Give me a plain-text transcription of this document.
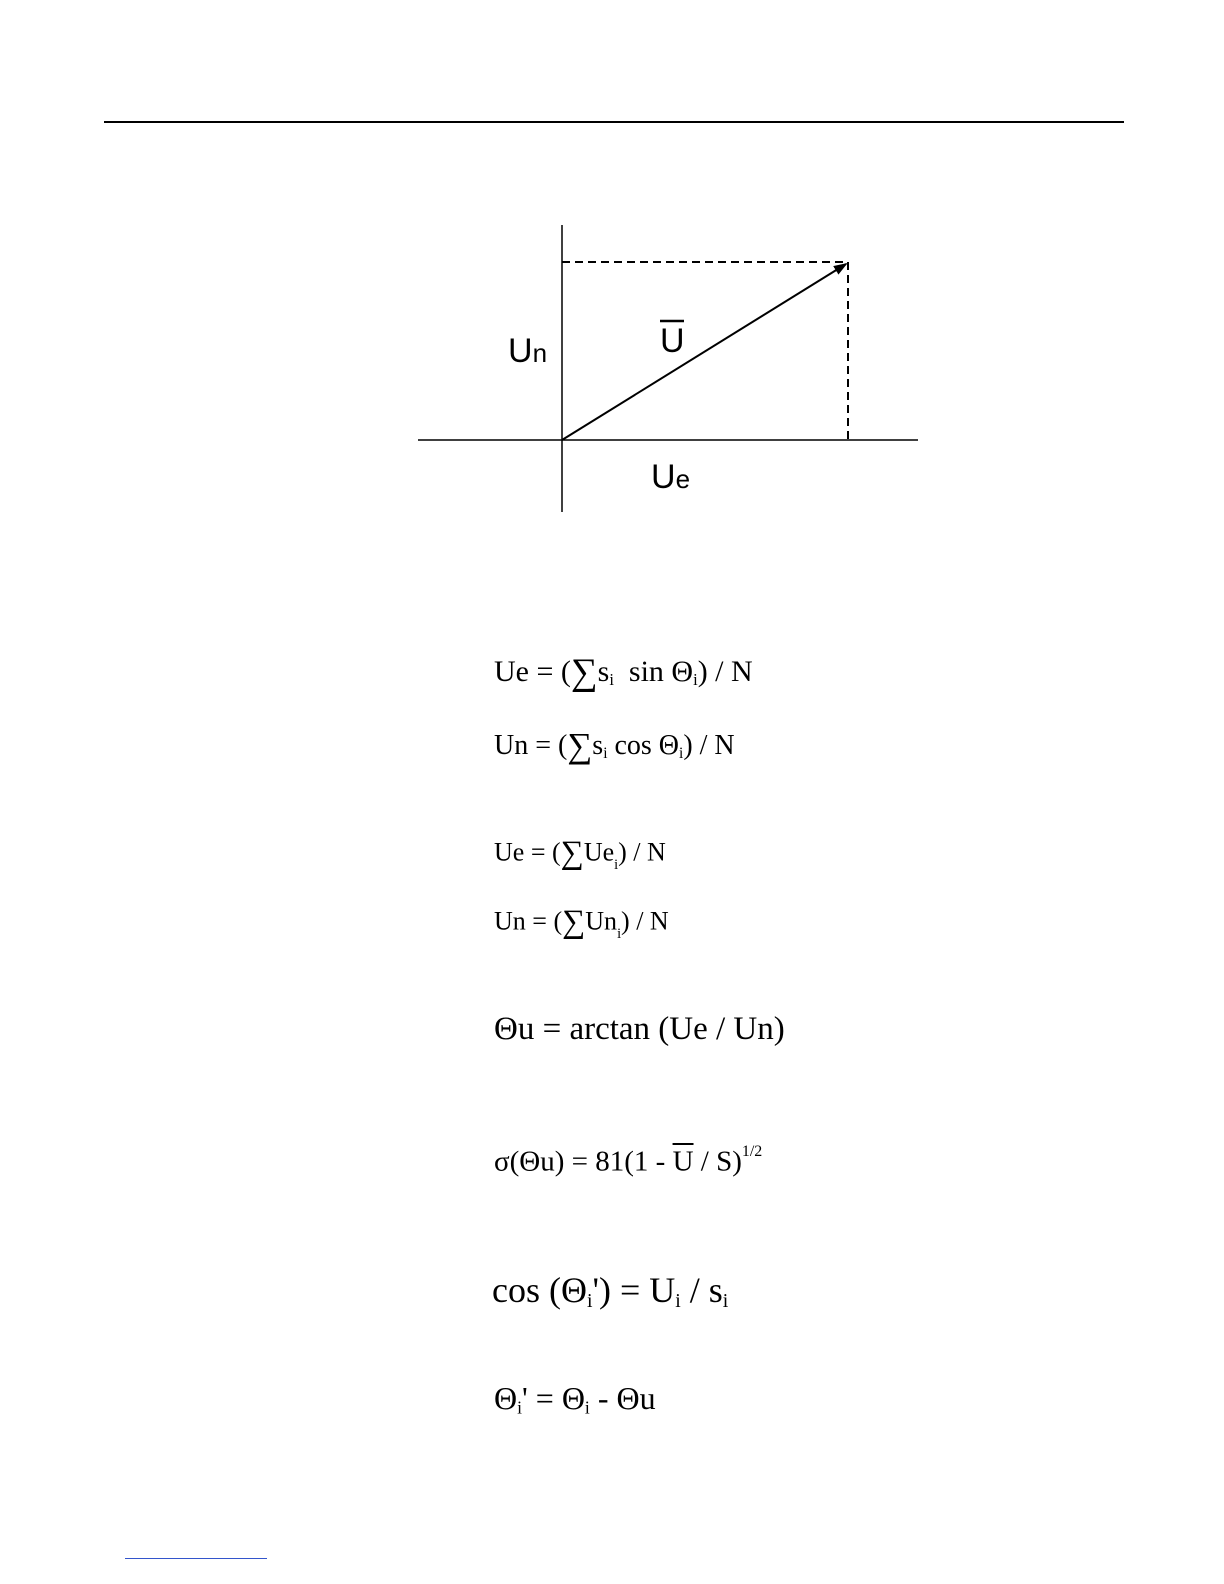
Un
Ue
U
$Ue = (\sum s_i$  $\sin \Theta_i$) / N
$Un = (\sum s_i$ $\cos \Theta_i$) / N
$Ue = (\sum Ue_i) / N$
$Un = (\sum Un_i) / N$
Θu = arctan (Ue / Un)
$\sigma(\Theta u) = 81(1 - \overline{U} / S)^{1/2}$
$\cos (\Theta_i') = U_i / s_i$
$\Theta_i' = \Theta_i - \Theta u$
